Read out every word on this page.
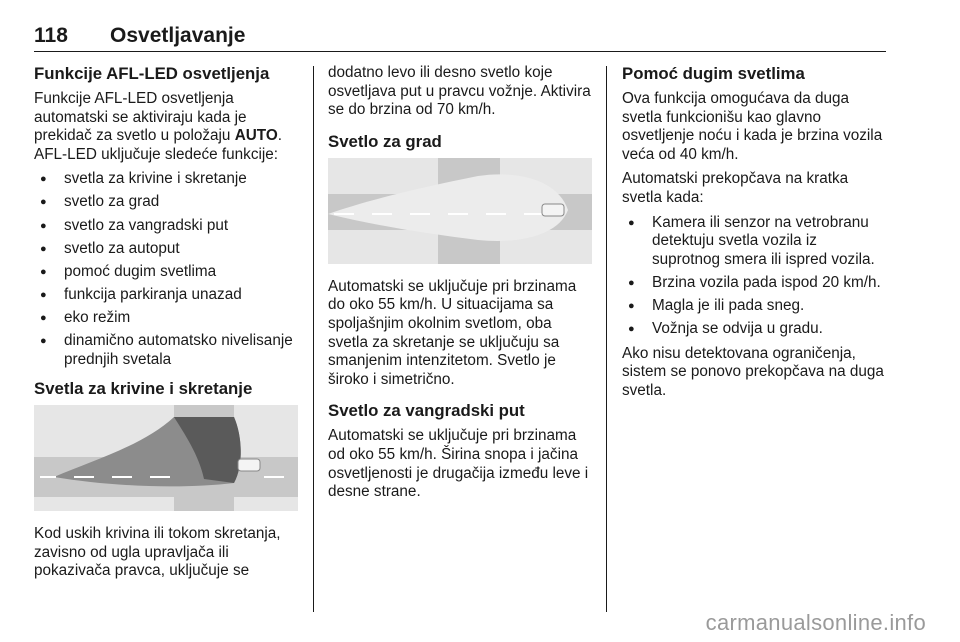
118 Osvetljavanje
Funkcije AFL-LED osvetljenja

Funkcije AFL-LED osvetljenja automatski se aktiviraju kada je prekidač za svetlo u položaju AUTO. AFL-LED uključuje sledeće funkcije:

● svetla za krivine i skretanje
● svetlo za grad
● svetlo za vangradski put
● svetlo za autoput
● pomoć dugim svetlima
● funkcija parkiranja unazad
● eko režim
● dinamično automatsko nivelisanje prednjih svetala
Svetla za krivine i skretanje

Kod uskih krivina ili tokom skretanja, zavisno od ugla upravljača ili pokazivača pravca, uključuje se

dodatno levo ili desno svetlo koje osvetljava put u pravcu vožnje. Aktivira se do brzina od 70 km/h.

Svetlo za grad

Automatski se uključuje pri brzinama do oko 55 km/h. U situacijama sa spoljašnjim okolnim svetlom, oba svetla za skretanje se uključuju sa smanjenim intenzitetom. Svetlo je široko i simetrično.

Svetlo za vangradski put

Automatski se uključuje pri brzinama od oko 55 km/h. Širina snopa i jačina osvetljenosti je drugačija između leve i desne strane.

Pomoć dugim svetlima

Ova funkcija omogućava da duga svetla funkcionišu kao glavno osvetljenje noću i kada je brzina vozila veća od 40 km/h.

Automatski prekopčava na kratka svetla kada:

● Kamera ili senzor na vetrobranu detektuju svetla vozila iz suprotnog smera ili ispred vozila.
● Brzina vozila pada ispod 20 km/h.
● Magla je ili pada sneg.
● Vožnja se odvija u gradu.

Ako nisu detektovana ograničenja, sistem se ponovo prekopčava na duga svetla.

carmanualsonline.info
